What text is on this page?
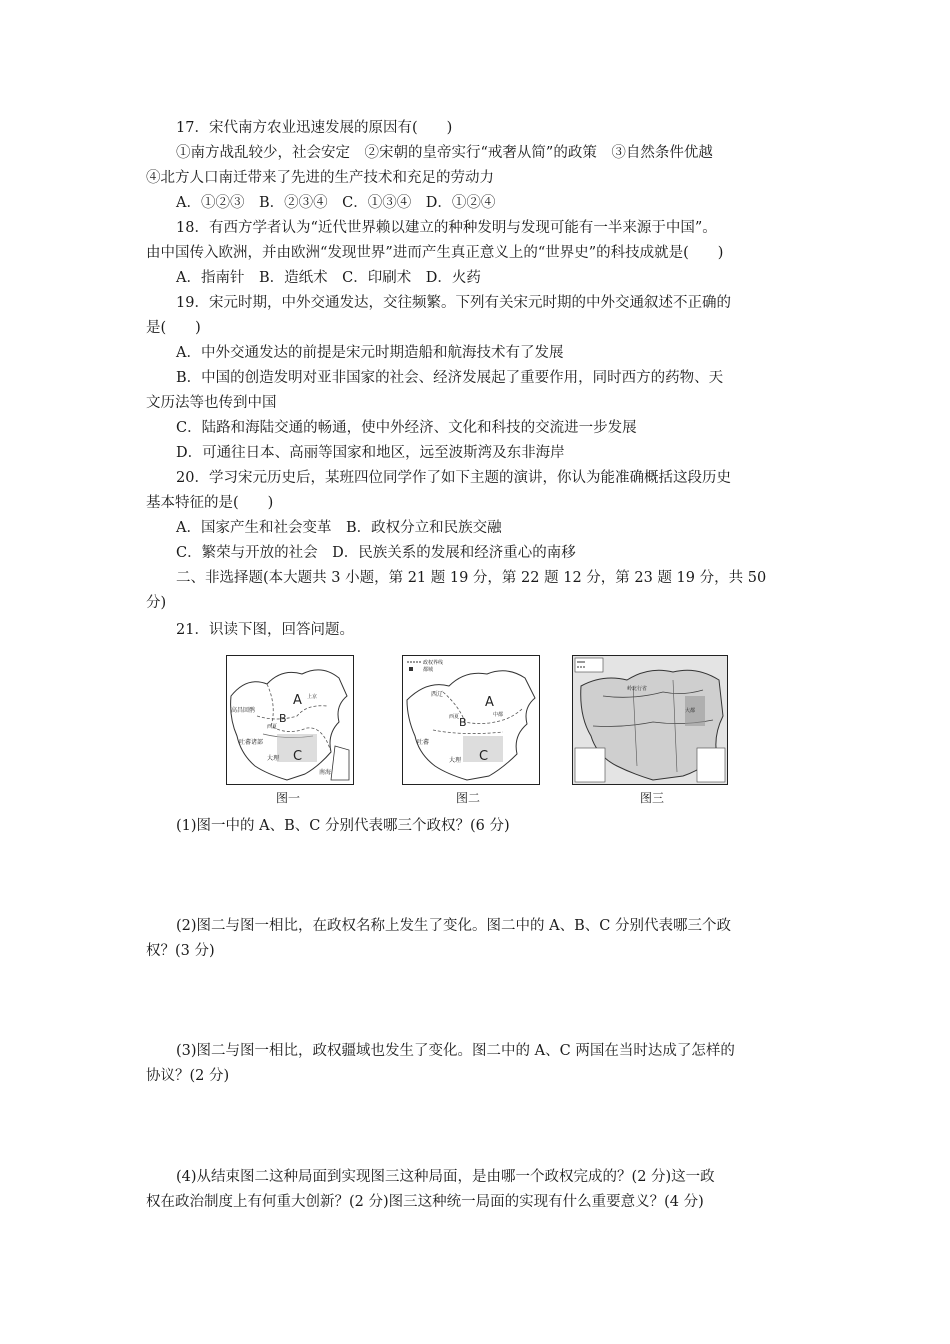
17．宋代南方农业迅速发展的原因有(　　)
①南方战乱较少，社会安定　②宋朝的皇帝实行“戒奢从简”的政策　③自然条件优越
④北方人口南迁带来了先进的生产技术和充足的劳动力
A．①②③　B．②③④　C．①③④　D．①②④
18．有西方学者认为“近代世界赖以建立的种种发明与发现可能有一半来源于中国”。
由中国传入欧洲，并由欧洲“发现世界”进而产生真正意义上的“世界史”的科技成就是(　　)
A．指南针　B．造纸术　C．印刷术　D．火药
19．宋元时期，中外交通发达，交往频繁。下列有关宋元时期的中外交通叙述不正确的
是(　　)
A．中外交通发达的前提是宋元时期造船和航海技术有了发展
B．中国的创造发明对亚非国家的社会、经济发展起了重要作用，同时西方的药物、天
文历法等也传到中国
C．陆路和海陆交通的畅通，使中外经济、文化和科技的交流进一步发展
D．可通往日本、高丽等国家和地区，远至波斯湾及东非海岸
20．学习宋元历史后，某班四位同学作了如下主题的演讲，你认为能准确概括这段历史
基本特征的是(　　)
A．国家产生和社会变革　B．政权分立和民族交融
C．繁荣与开放的社会　D．民族关系的发展和经济重心的南移
二、非选择题(本大题共 3 小题，第 21 题 19 分，第 22 题 12 分，第 23 题 19 分，共 50
分)
21．识读下图，回答问题。
A
B
C
高昌回鹘
吐蕃诸部
大理
南海
上京
西夏
图一
政权界线
都城
A
B
C
西辽
吐蕃
大理
中都
西夏
图二
大都
岭北行省
图三
(1)图一中的 A、B、C 分别代表哪三个政权？(6 分)
(2)图二与图一相比，在政权名称上发生了变化。图二中的 A、B、C 分别代表哪三个政
权？(3 分)
(3)图二与图一相比，政权疆域也发生了变化。图二中的 A、C 两国在当时达成了怎样的
协议？(2 分)
(4)从结束图二这种局面到实现图三这种局面，是由哪一个政权完成的？(2 分)这一政
权在政治制度上有何重大创新？(2 分)图三这种统一局面的实现有什么重要意义？(4 分)
